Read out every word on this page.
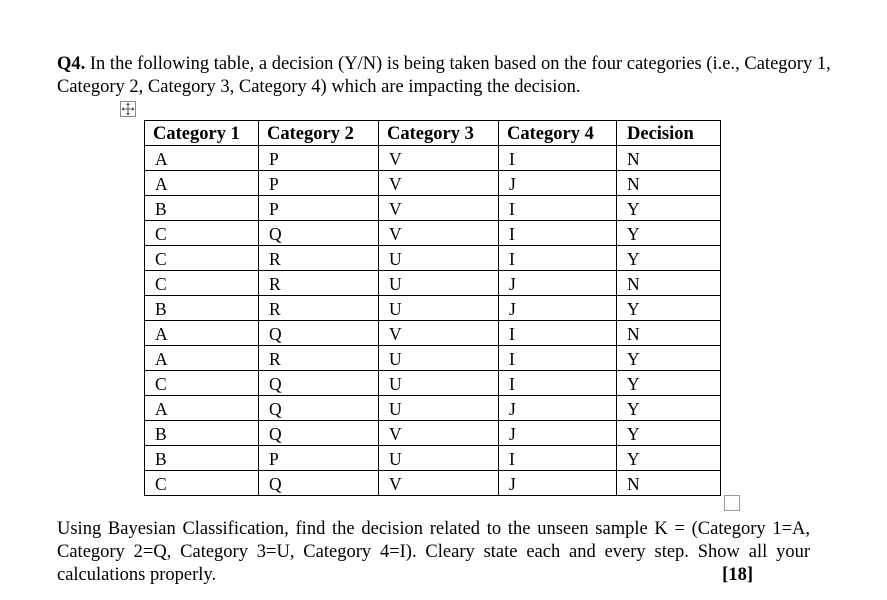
Q4. In the following table, a decision (Y/N) is being taken based on the four categories (i.e., Category 1, Category 2, Category 3, Category 4) which are impacting the decision.

Category 1	Category 2	Category 3	Category 4	Decision
A	P	V	I	N
A	P	V	J	N
B	P	V	I	Y
C	Q	V	I	Y
C	R	U	I	Y
C	R	U	J	N
B	R	U	J	Y
A	Q	V	I	N
A	R	U	I	Y
C	Q	U	I	Y
A	Q	U	J	Y
B	Q	V	J	Y
B	P	U	I	Y
C	Q	V	J	N

Using Bayesian Classification, find the decision related to the unseen sample K = (Category 1=A, Category 2=Q, Category 3=U, Category 4=I). Cleary state each and every step. Show all your calculations properly.	[18]
